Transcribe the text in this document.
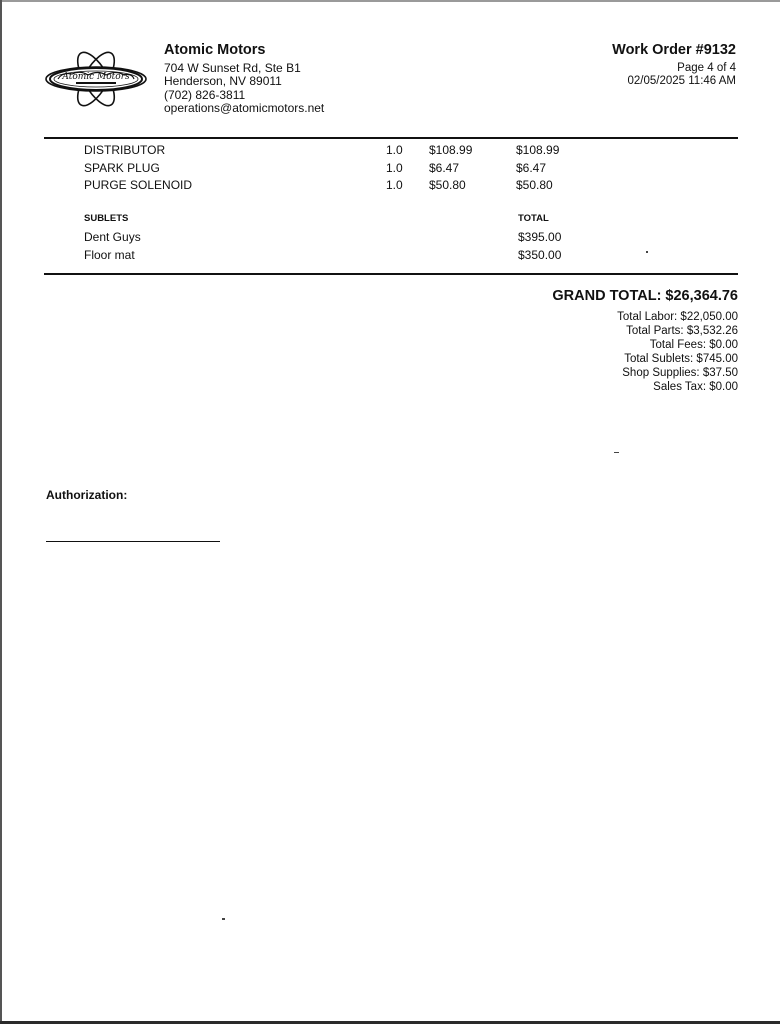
Atomic Motors
Atomic Motors
704 W Sunset Rd, Ste B1
Henderson, NV 89011
(702) 826-3811
operations@atomicmotors.net
Work Order #9132
Page 4 of 4
02/05/2025 11:46 AM
DISTRIBUTOR	1.0 $108.99	$108.99
SPARK PLUG	1.0 $6.47	$6.47
PURGE SOLENOID	1.0 $50.80	$50.80
SUBLETS	TOTAL
Dent Guys	$395.00
Floor mat	$350.00
GRAND TOTAL: $26,364.76
Total Labor: $22,050.00
Total Parts: $3,532.26
Total Fees: $0.00
Total Sublets: $745.00
Shop Supplies: $37.50
Sales Tax: $0.00
Authorization:
